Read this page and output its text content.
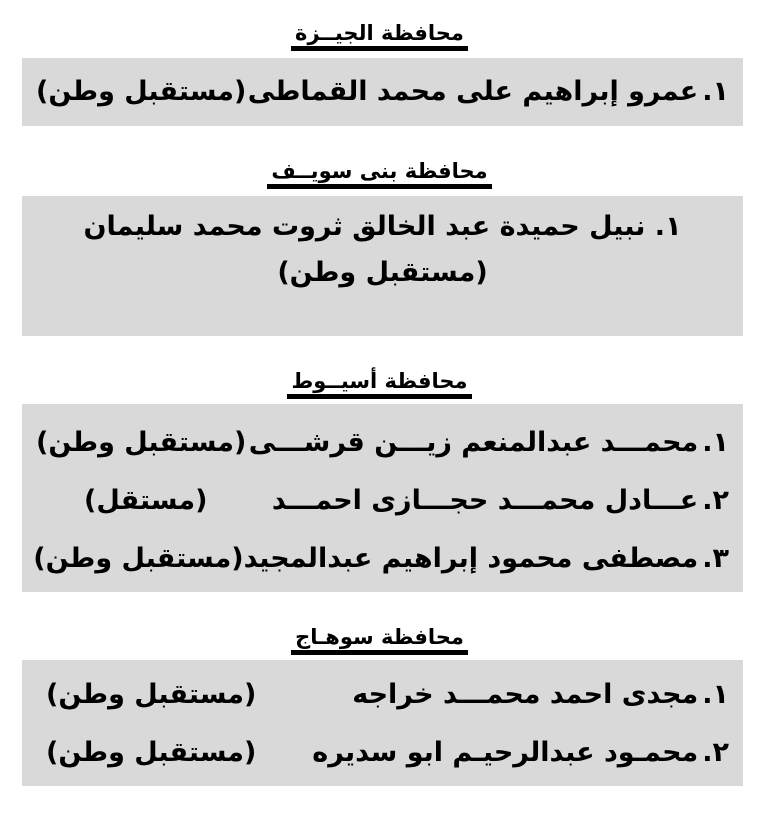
محافظة الجيــزة
١.
عمرو إبراهيم على محمد القماطى
(مستقبل وطن)
محافظة بنى سويــف
١. نبيل حميدة عبد الخالق ثروت محمد سليمان (مستقبل وطن)
محافظة أسيــوط
١.
محمـــد عبدالمنعم زيـــن قرشـــى
(مستقبل وطن)
٢.
عـــادل محمـــد حجـــازى احمـــد
(مستقل)
٣.
مصطفى محمود إبراهيم عبدالمجيد
(مستقبل وطن)
محافظة سوهـاج
١.
مجدى احمد محمـــد خراجه
(مستقبل وطن)
٢.
محمـود عبدالرحيـم ابو سديره
(مستقبل وطن)
